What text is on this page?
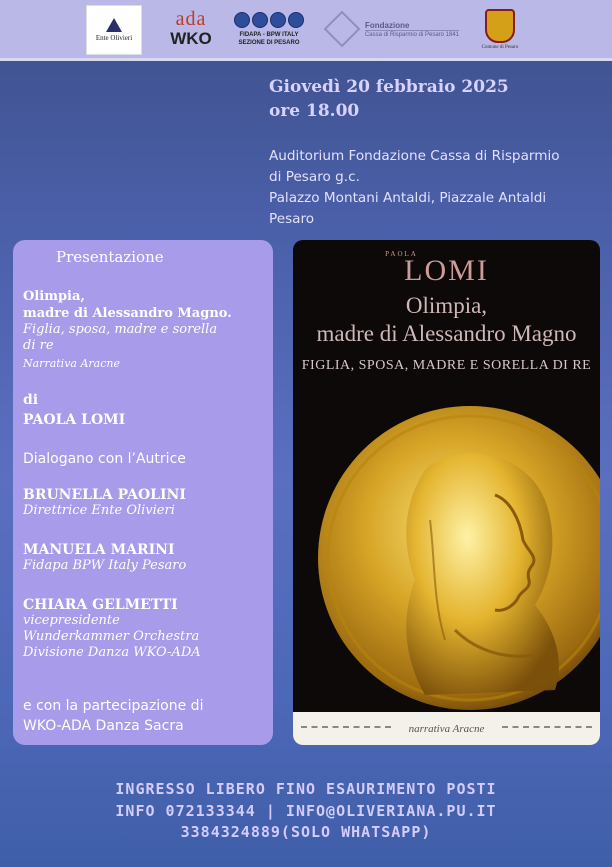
Ente Olivieri
ada
WKO	FIDAPA - BPW ITALY
SEZIONE DI PESARO
Fondazione
Cassa di Risparmio di Pesaro 1841
Comune di Pesaro
Giovedì 20 febbraio 2025
ore 18.00
Auditorium Fondazione Cassa di Risparmio
di Pesaro g.c.
Palazzo Montani Antaldi, Piazzale Antaldi
Pesaro
Presentazione
Olimpia,
madre di Alessandro Magno.
Figlia, sposa, madre e sorella
di re
Narrativa Aracne
di
PAOLA LOMI
Dialogano con l’Autrice
BRUNELLA PAOLINI
Direttrice Ente Olivieri
MANUELA MARINI
Fidapa BPW Italy Pesaro
CHIARA GELMETTI
vicepresidente
Wunderkammer Orchestra
Divisione Danza WKO-ADA
e con la partecipazione di
WKO-ADA Danza Sacra
PAOLA
LOMI
Olimpia,
madre di Alessandro Magno
FIGLIA, SPOSA, MADRE E SORELLA DI RE
narrativa Aracne
INGRESSO LIBERO FINO ESAURIMENTO POSTI
INFO 072133344 | INFO@OLIVERIANA.PU.IT
3384324889(SOLO WHATSAPP)
